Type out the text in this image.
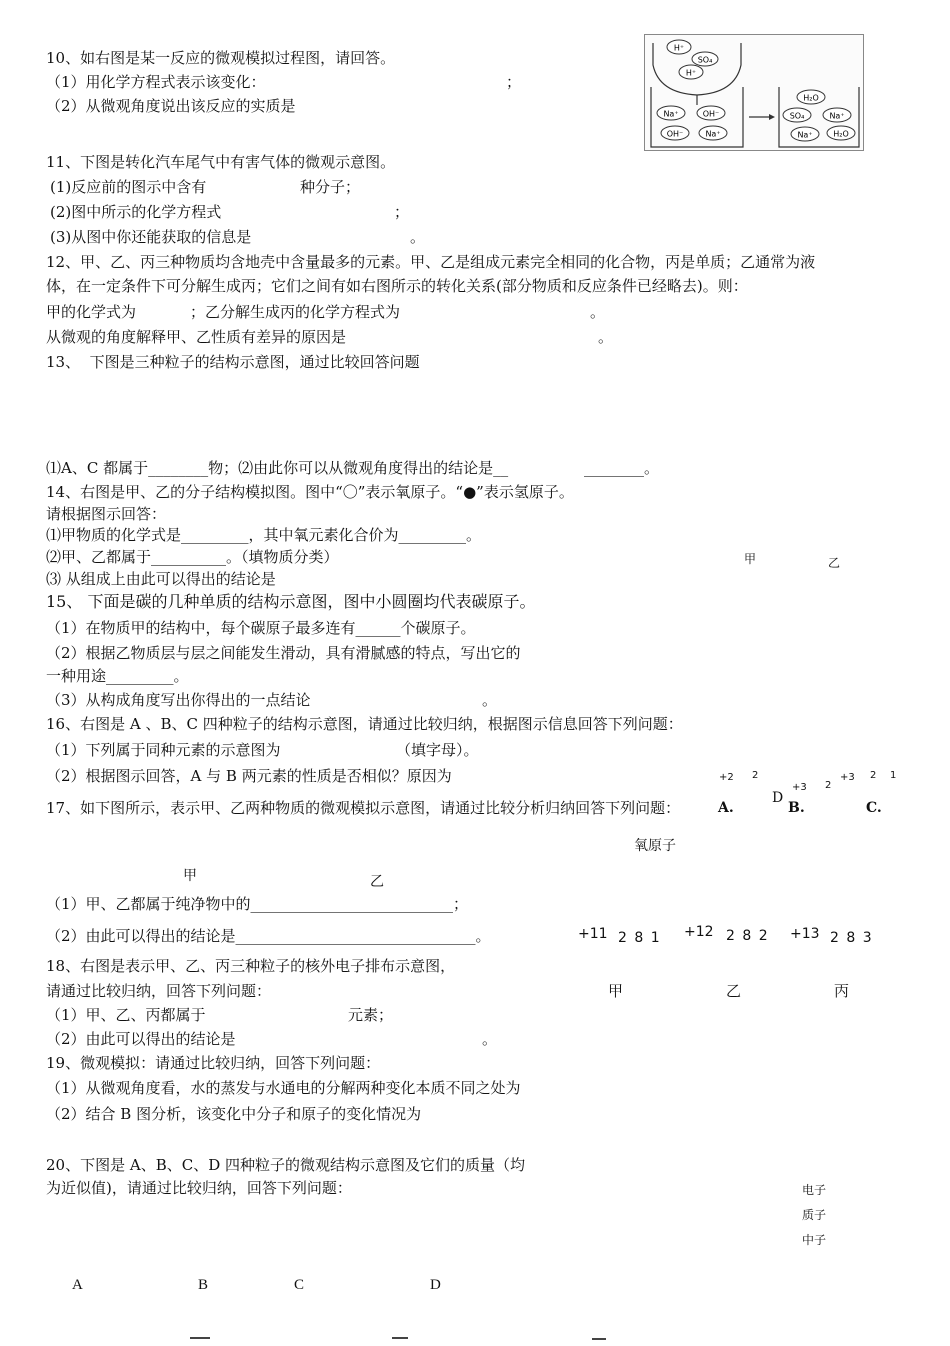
10、如右图是某一反应的微观模拟过程图，请回答。
（1）用化学方程式表示该变化：	；
（2）从微观角度说出该反应的实质是
H⁺
SO₄
H⁺
Na⁺	OH⁻
OH⁻	Na⁺
H₂O
SO₄	Na⁺
Na⁺	H₂O
11、下图是转化汽车尾气中有害气体的微观示意图。
(1)反应前的图示中含有	种分子；
(2)图中所示的化学方程式	；
(3)从图中你还能获取的信息是	。
12、甲、乙、丙三种物质均含地壳中含量最多的元素。甲、乙是组成元素完全相同的化合物，丙是单质；乙通常为液
体，在一定条件下可分解生成丙；它们之间有如右图所示的转化关系(部分物质和反应条件已经略去)。则：
甲的化学式为	；乙分解生成丙的化学方程式为	。
从微观的角度解释甲、乙性质有差异的原因是	。
13、  下图是三种粒子的结构示意图，通过比较回答问题
⑴A、C 都属于________物；⑵由此你可以从微观角度得出的结论是__	________。
14、右图是甲、乙的分子结构模拟图。图中“〇”表示氧原子。“●”表示氢原子。
请根据图示回答：
⑴甲物质的化学式是_________，其中氧元素化合价为_________。
⑵甲、乙都属于__________。（填物质分类）
⑶ 从组成上由此可以得出的结论是
甲	乙
15、 下面是碳的几种单质的结构示意图，图中小圆圈均代表碳原子。
（1）在物质甲的结构中，每个碳原子最多连有______个碳原子。
（2）根据乙物质层与层之间能发生滑动，具有滑腻感的特点，写出它的
一种用途_________。
（3）从构成角度写出你得出的一点结论	。
16、右图是 A 、B、C 四种粒子的结构示意图，请通过比较归纳，根据图示信息回答下列问题：
（1）下列属于同种元素的示意图为	（填字母）。
（2）根据图示回答，A 与 B 两元素的性质是否相似？原因为	+2 2
+3 2
+3 2 1
D
17、如下图所示，表示甲、乙两种物质的微观模拟示意图，请通过比较分析归纳回答下列问题：	A.	B.	C.
氧原子
甲	乙
（1）甲、乙都属于纯净物中的___________________________；
（2）由此可以得出的结论是________________________________。	+11 2 8 1 +12 2 8 2 +13 2 8 3
18、右图是表示甲、乙、丙三种粒子的核外电子排布示意图，
请通过比较归纳，回答下列问题：	甲	乙	丙
（1）甲、乙、丙都属于	元素；
（2）由此可以得出的结论是	。
19、微观模拟：请通过比较归纳，回答下列问题：
（1）从微观角度看，水的蒸发与水通电的分解两种变化本质不同之处为
（2）结合 B 图分析，该变化中分子和原子的变化情况为
20、下图是 A、B、C、D 四种粒子的微观结构示意图及它们的质量（均
为近似值)，请通过比较归纳，回答下列问题：	电子
质子
中子
A	B	C	D
